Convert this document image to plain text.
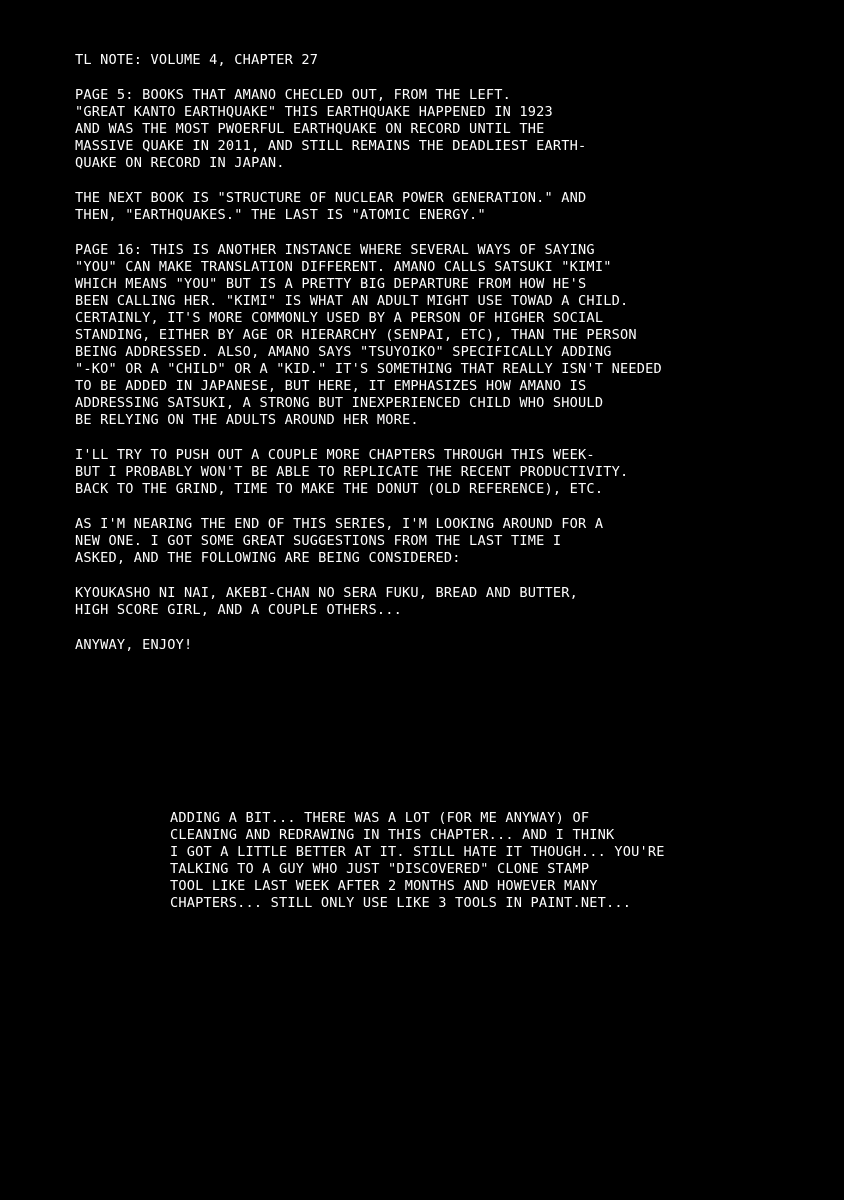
TL NOTE: VOLUME 4, CHAPTER 27

PAGE 5: BOOKS THAT AMANO CHECLED OUT, FROM THE LEFT.
"GREAT KANTO EARTHQUAKE" THIS EARTHQUAKE HAPPENED IN 1923
AND WAS THE MOST PWOERFUL EARTHQUAKE ON RECORD UNTIL THE
MASSIVE QUAKE IN 2011, AND STILL REMAINS THE DEADLIEST EARTH-
QUAKE ON RECORD IN JAPAN.

THE NEXT BOOK IS "STRUCTURE OF NUCLEAR POWER GENERATION." AND
THEN, "EARTHQUAKES." THE LAST IS "ATOMIC ENERGY."

PAGE 16: THIS IS ANOTHER INSTANCE WHERE SEVERAL WAYS OF SAYING
"YOU" CAN MAKE TRANSLATION DIFFERENT. AMANO CALLS SATSUKI "KIMI"
WHICH MEANS "YOU" BUT IS A PRETTY BIG DEPARTURE FROM HOW HE'S
BEEN CALLING HER. "KIMI" IS WHAT AN ADULT MIGHT USE TOWAD A CHILD.
CERTAINLY, IT'S MORE COMMONLY USED BY A PERSON OF HIGHER SOCIAL
STANDING, EITHER BY AGE OR HIERARCHY (SENPAI, ETC), THAN THE PERSON
BEING ADDRESSED. ALSO, AMANO SAYS "TSUYOIKO" SPECIFICALLY ADDING
"-KO" OR A "CHILD" OR A "KID." IT'S SOMETHING THAT REALLY ISN'T NEEDED
TO BE ADDED IN JAPANESE, BUT HERE, IT EMPHASIZES HOW AMANO IS
ADDRESSING SATSUKI, A STRONG BUT INEXPERIENCED CHILD WHO SHOULD
BE RELYING ON THE ADULTS AROUND HER MORE.

I'LL TRY TO PUSH OUT A COUPLE MORE CHAPTERS THROUGH THIS WEEK-
BUT I PROBABLY WON'T BE ABLE TO REPLICATE THE RECENT PRODUCTIVITY.
BACK TO THE GRIND, TIME TO MAKE THE DONUT (OLD REFERENCE), ETC.

AS I'M NEARING THE END OF THIS SERIES, I'M LOOKING AROUND FOR A
NEW ONE. I GOT SOME GREAT SUGGESTIONS FROM THE LAST TIME I
ASKED, AND THE FOLLOWING ARE BEING CONSIDERED:

KYOUKASHO NI NAI, AKEBI-CHAN NO SERA FUKU, BREAD AND BUTTER,
HIGH SCORE GIRL, AND A COUPLE OTHERS...

ANYWAY, ENJOY!

ADDING A BIT... THERE WAS A LOT (FOR ME ANYWAY) OF
CLEANING AND REDRAWING IN THIS CHAPTER... AND I THINK
I GOT A LITTLE BETTER AT IT. STILL HATE IT THOUGH... YOU'RE
TALKING TO A GUY WHO JUST "DISCOVERED" CLONE STAMP
TOOL LIKE LAST WEEK AFTER 2 MONTHS AND HOWEVER MANY
CHAPTERS... STILL ONLY USE LIKE 3 TOOLS IN PAINT.NET...
